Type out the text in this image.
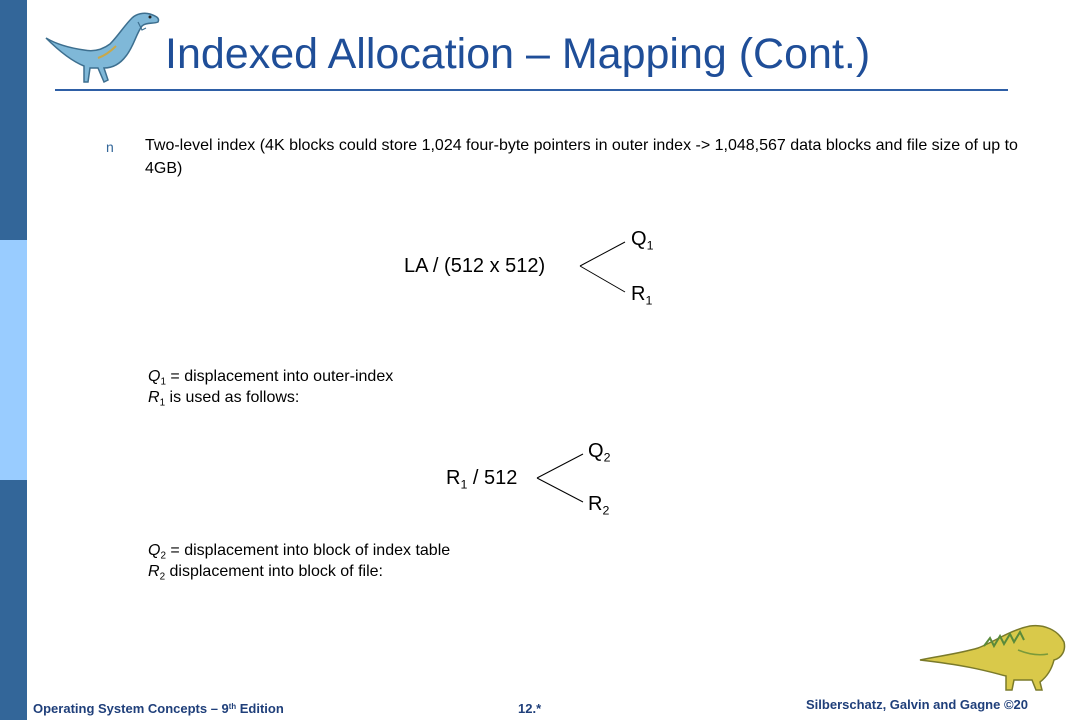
Indexed Allocation – Mapping (Cont.)
n Two-level index (4K blocks could store 1,024 four-byte pointers in outer index -> 1,048,567 data blocks and file size of up to 4GB)
LA / (512 x 512)
$Q_1$
$R_1$
$Q_1$ = displacement into outer-index
$R_1$ is used as follows:
$R_1 / 512$
$Q_2$
$R_2$
$Q_2$ = displacement into block of index table
$R_2$ displacement into block of file:
Operating System Concepts – 9th Edition	12.*	Silberschatz, Galvin and Gagne ©20
